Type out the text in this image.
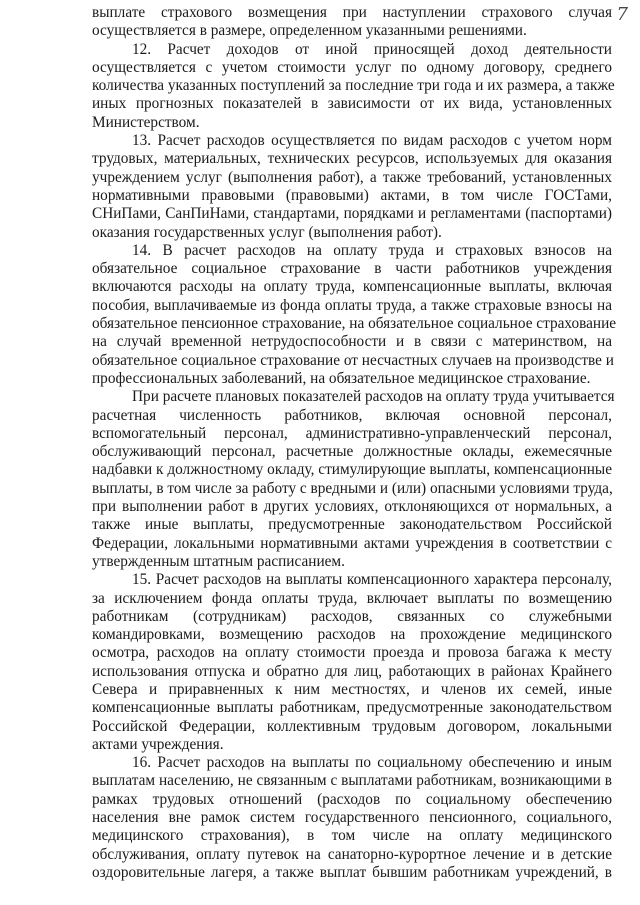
7

выплате страхового возмещения при наступлении страхового случая
осуществляется в размере, определенном указанными решениями.

12. Расчет доходов от иной приносящей доход деятельности
осуществляется с учетом стоимости услуг по одному договору, среднего
количества указанных поступлений за последние три года и их размера, а также
иных прогнозных показателей в зависимости от их вида, установленных
Министерством.

13. Расчет расходов осуществляется по видам расходов с учетом норм
трудовых, материальных, технических ресурсов, используемых для оказания
учреждением услуг (выполнения работ), а также требований, установленных
нормативными правовыми (правовыми) актами, в том числе ГОСТами,
СНиПами, СанПиНами, стандартами, порядками и регламентами (паспортами)
оказания государственных услуг (выполнения работ).

14. В расчет расходов на оплату труда и страховых взносов на
обязательное социальное страхование в части работников учреждения
включаются расходы на оплату труда, компенсационные выплаты, включая
пособия, выплачиваемые из фонда оплаты труда, а также страховые взносы на
обязательное пенсионное страхование, на обязательное социальное страхование
на случай временной нетрудоспособности и в связи с материнством, на
обязательное социальное страхование от несчастных случаев на производстве и
профессиональных заболеваний, на обязательное медицинское страхование.

При расчете плановых показателей расходов на оплату труда учитывается
расчетная численность работников, включая основной персонал,
вспомогательный персонал, административно-управленческий персонал,
обслуживающий персонал, расчетные должностные оклады, ежемесячные
надбавки к должностному окладу, стимулирующие выплаты, компенсационные
выплаты, в том числе за работу с вредными и (или) опасными условиями труда,
при выполнении работ в других условиях, отклоняющихся от нормальных, а
также иные выплаты, предусмотренные законодательством Российской
Федерации, локальными нормативными актами учреждения в соответствии с
утвержденным штатным расписанием.

15. Расчет расходов на выплаты компенсационного характера персоналу,
за исключением фонда оплаты труда, включает выплаты по возмещению
работникам (сотрудникам) расходов, связанных со служебными
командировками, возмещению расходов на прохождение медицинского
осмотра, расходов на оплату стоимости проезда и провоза багажа к месту
использования отпуска и обратно для лиц, работающих в районах Крайнего
Севера и приравненных к ним местностях, и членов их семей, иные
компенсационные выплаты работникам, предусмотренные законодательством
Российской Федерации, коллективным трудовым договором, локальными
актами учреждения.

16. Расчет расходов на выплаты по социальному обеспечению и иным
выплатам населению, не связанным с выплатами работникам, возникающими в
рамках трудовых отношений (расходов по социальному обеспечению
населения вне рамок систем государственного пенсионного, социального,
медицинского страхования), в том числе на оплату медицинского
обслуживания, оплату путевок на санаторно-курортное лечение и в детские
оздоровительные лагеря, а также выплат бывшим работникам учреждений, в
